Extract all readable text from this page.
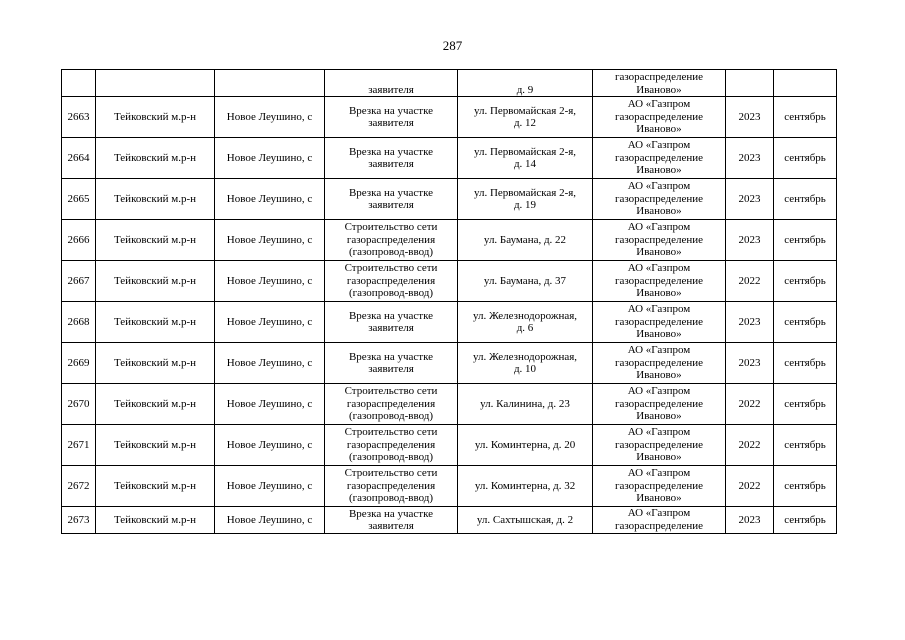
287
			заявителя	д. 9	газораспределение
Иваново»		
2663	Тейковский м.р-н	Новое Леушино, с	Врезка на участке
заявителя	ул. Первомайская 2-я,
д. 12	АО «Газпром
газораспределение
Иваново»	2023	сентябрь
2664	Тейковский м.р-н	Новое Леушино, с	Врезка на участке
заявителя	ул. Первомайская 2-я,
д. 14	АО «Газпром
газораспределение
Иваново»	2023	сентябрь
2665	Тейковский м.р-н	Новое Леушино, с	Врезка на участке
заявителя	ул. Первомайская 2-я,
д. 19	АО «Газпром
газораспределение
Иваново»	2023	сентябрь
2666	Тейковский м.р-н	Новое Леушино, с	Строительство сети
газораспределения
(газопровод-ввод)	ул. Баумана, д. 22	АО «Газпром
газораспределение
Иваново»	2023	сентябрь
2667	Тейковский м.р-н	Новое Леушино, с	Строительство сети
газораспределения
(газопровод-ввод)	ул. Баумана, д. 37	АО «Газпром
газораспределение
Иваново»	2022	сентябрь
2668	Тейковский м.р-н	Новое Леушино, с	Врезка на участке
заявителя	ул. Железнодорожная,
д. 6	АО «Газпром
газораспределение
Иваново»	2023	сентябрь
2669	Тейковский м.р-н	Новое Леушино, с	Врезка на участке
заявителя	ул. Железнодорожная,
д. 10	АО «Газпром
газораспределение
Иваново»	2023	сентябрь
2670	Тейковский м.р-н	Новое Леушино, с	Строительство сети
газораспределения
(газопровод-ввод)	ул. Калинина, д. 23	АО «Газпром
газораспределение
Иваново»	2022	сентябрь
2671	Тейковский м.р-н	Новое Леушино, с	Строительство сети
газораспределения
(газопровод-ввод)	ул. Коминтерна, д. 20	АО «Газпром
газораспределение
Иваново»	2022	сентябрь
2672	Тейковский м.р-н	Новое Леушино, с	Строительство сети
газораспределения
(газопровод-ввод)	ул. Коминтерна, д. 32	АО «Газпром
газораспределение
Иваново»	2022	сентябрь
2673	Тейковский м.р-н	Новое Леушино, с	Врезка на участке
заявителя	ул. Сахтышская, д. 2	АО «Газпром
газораспределение	2023	сентябрь
